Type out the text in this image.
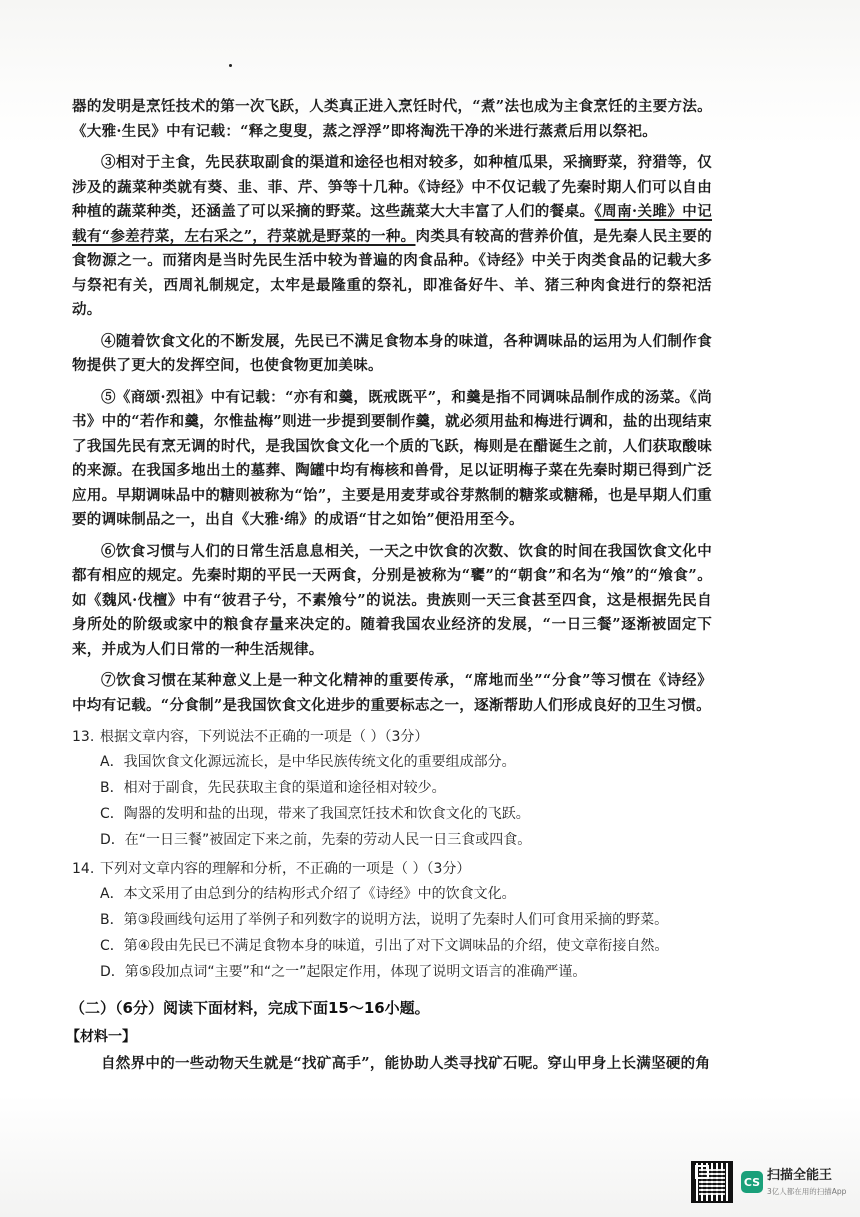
器的发明是烹饪技术的第一次飞跃，人类真正进入烹饪时代，“煮”法也成为主食烹饪的主要方法。《大雅·生民》中有记载：“释之叟叟，蒸之浮浮”即将淘洗干净的米进行蒸煮后用以祭祀。

③相对于主食，先民获取副食的渠道和途径也相对较多，如种植瓜果，采摘野菜，狩猎等，仅涉及的蔬菜种类就有葵、韭、菲、芹、笋等十几种。《诗经》中不仅记载了先秦时期人们可以自由种植的蔬菜种类，还涵盖了可以采摘的野菜。这些蔬菜大大丰富了人们的餐桌。《周南·关雎》中记载有“参差荇菜，左右采之”，荇菜就是野菜的一种。肉类具有较高的营养价值，是先秦人民主要的食物源之一。而猪肉是当时先民生活中较为普遍的肉食品种。《诗经》中关于肉类食品的记载大多与祭祀有关，西周礼制规定，太牢是最隆重的祭礼，即准备好牛、羊、猪三种肉食进行的祭祀活动。

④随着饮食文化的不断发展，先民已不满足食物本身的味道，各种调味品的运用为人们制作食物提供了更大的发挥空间，也使食物更加美味。

⑤《商颂·烈祖》中有记载：“亦有和羹，既戒既平”，和羹是指不同调味品制作成的汤菜。《尚书》中的“若作和羹，尔惟盐梅”则进一步提到要制作羹，就必须用盐和梅进行调和，盐的出现结束了我国先民有烹无调的时代，是我国饮食文化一个质的飞跃，梅则是在醋诞生之前，人们获取酸味的来源。在我国多地出土的墓葬、陶罐中均有梅核和兽骨，足以证明梅子菜在先秦时期已得到广泛应用。早期调味品中的糖则被称为“饴”，主要是用麦芽或谷芽熬制的糖浆或糖稀，也是早期人们重要的调味制品之一，出自《大雅·绵》的成语“甘之如饴”便沿用至今。

⑥饮食习惯与人们的日常生活息息相关，一天之中饮食的次数、饮食的时间在我国饮食文化中都有相应的规定。先秦时期的平民一天两食，分别是被称为“饔”的“朝食”和名为“飧”的“飧食”。如《魏风·伐檀》中有“彼君子兮，不素飧兮”的说法。贵族则一天三食甚至四食，这是根据先民自身所处的阶级或家中的粮食存量来决定的。随着我国农业经济的发展，“一日三餐”逐渐被固定下来，并成为人们日常的一种生活规律。

⑦饮食习惯在某种意义上是一种文化精神的重要传承，“席地而坐”“分食”等习惯在《诗经》中均有记载。“分食制”是我国饮食文化进步的重要标志之一，逐渐帮助人们形成良好的卫生习惯。

13. 根据文章内容，下列说法不正确的一项是（ ）（3分）
A．我国饮食文化源远流长，是中华民族传统文化的重要组成部分。
B．相对于副食，先民获取主食的渠道和途径相对较少。
C．陶器的发明和盐的出现，带来了我国烹饪技术和饮食文化的飞跃。
D．在“一日三餐”被固定下来之前，先秦的劳动人民一日三食或四食。
14. 下列对文章内容的理解和分析，不正确的一项是（ ）（3分）
A．本文采用了由总到分的结构形式介绍了《诗经》中的饮食文化。
B．第③段画线句运用了举例子和列数字的说明方法，说明了先秦时人们可食用采摘的野菜。
C．第④段由先民已不满足食物本身的味道，引出了对下文调味品的介绍，使文章衔接自然。
D．第⑤段加点词“主要”和“之一”起限定作用，体现了说明文语言的准确严谨。
（二）（6分）阅读下面材料，完成下面15～16小题。
【材料一】

自然界中的一些动物天生就是“找矿高手”，能协助人类寻找矿石呢。穿山甲身上长满坚硬的角

CS 扫描全能王
3亿人都在用的扫描App
